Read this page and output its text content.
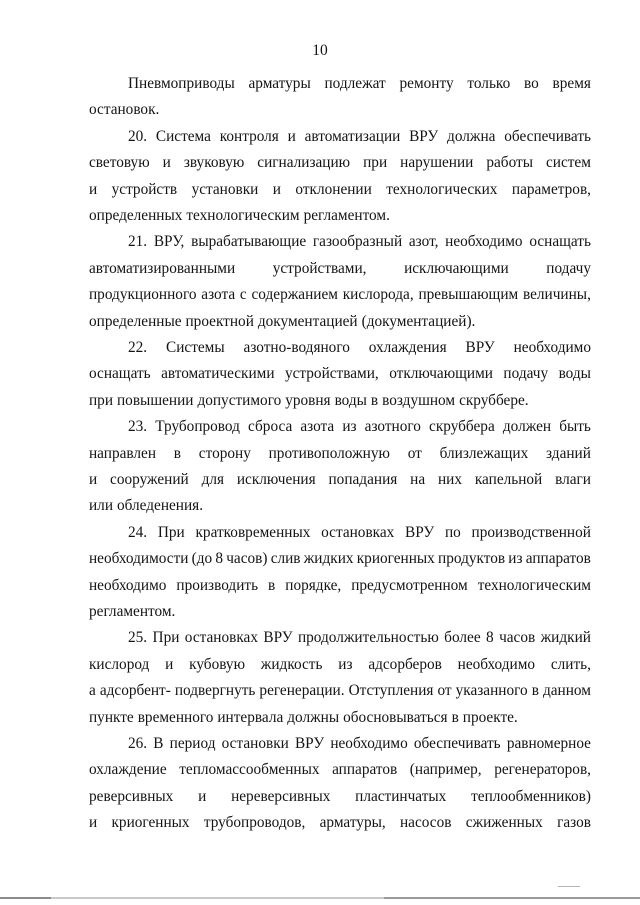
10
Пневмоприводы арматуры подлежат ремонту только во время
остановок.
20. Система контроля и автоматизации ВРУ должна обеспечивать
световую и звуковую сигнализацию при нарушении работы систем
и устройств установки и отклонении технологических параметров,
определенных технологическим регламентом.
21. ВРУ, вырабатывающие газообразный азот, необходимо оснащать
автоматизированными устройствами, исключающими подачу
продукционного азота с содержанием кислорода, превышающим величины,
определенные проектной документацией (документацией).
22. Системы азотно-водяного охлаждения ВРУ необходимо
оснащать автоматическими устройствами, отключающими подачу воды
при повышении допустимого уровня воды в воздушном скруббере.
23. Трубопровод сброса азота из азотного скруббера должен быть
направлен в сторону противоположную от близлежащих зданий
и сооружений для исключения попадания на них капельной влаги
или обледенения.
24. При кратковременных остановках ВРУ по производственной
необходимости (до 8 часов) слив жидких криогенных продуктов из аппаратов
необходимо производить в порядке, предусмотренном технологическим
регламентом.
25. При остановках ВРУ продолжительностью более 8 часов жидкий
кислород и кубовую жидкость из адсорберов необходимо слить,
а адсорбент- подвергнуть регенерации. Отступления от указанного в данном
пункте временного интервала должны обосновываться в проекте.
26. В период остановки ВРУ необходимо обеспечивать равномерное
охлаждение тепломассообменных аппаратов (например, регенераторов,
реверсивных и нереверсивных пластинчатых теплообменников)
и криогенных трубопроводов, арматуры, насосов сжиженных газов
